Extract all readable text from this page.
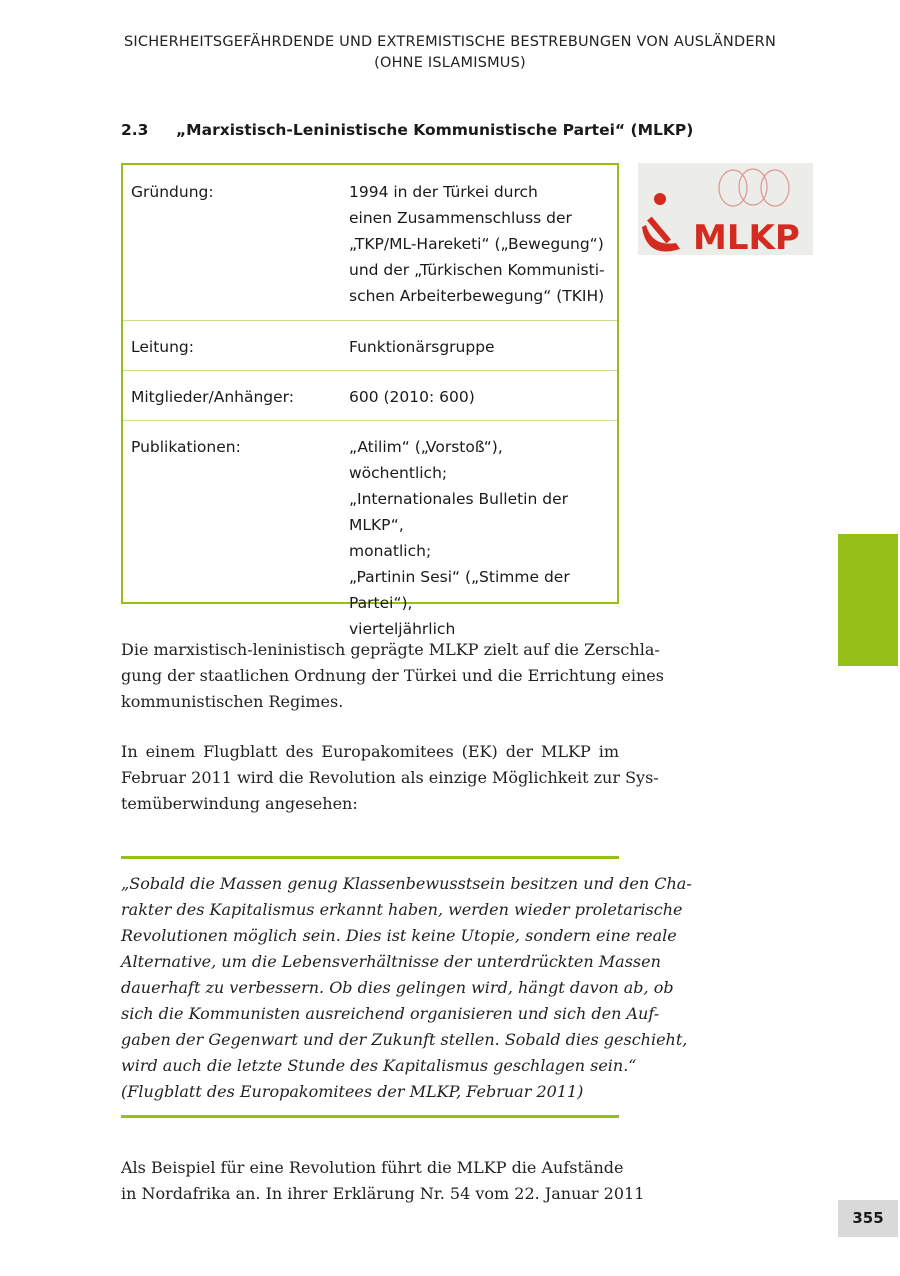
SICHERHEITSGEFÄHRDENDE UND EXTREMISTISCHE BESTREBUNGEN VON AUSLÄNDERN
(OHNE ISLAMISMUS)
2.3 „Marxistisch-Leninistische Kommunistische Partei“ (MLKP)
Gründung:	1994 in der Türkei durch
einen Zusammenschluss der
„TKP/ML-Hareketi“ („Bewegung“)
und der „Türkischen Kommunisti-
schen Arbeiterbewegung“ (TKIH)
Leitung:	Funktionärsgruppe
Mitglieder/Anhänger:	600 (2010: 600)
Publikationen:	„Atilim“ („Vorstoß“),
wöchentlich;
„Internationales Bulletin der MLKP“,
monatlich;
„Partinin Sesi“ („Stimme der Partei“),
vierteljährlich
MLKP
Die marxistisch-leninistisch geprägte MLKP zielt auf die Zerschla-
gung der staatlichen Ordnung der Türkei und die Errichtung eines
kommunistischen Regimes.
In einem Flugblatt des Europakomitees (EK) der MLKP im
Februar 2011 wird die Revolution als einzige Möglichkeit zur Sys-
temüberwindung angesehen:
„Sobald die Massen genug Klassenbewusstsein besitzen und den Cha-
rakter des Kapitalismus erkannt haben, werden wieder proletarische
Revolutionen möglich sein. Dies ist keine Utopie, sondern eine reale
Alternative, um die Lebensverhältnisse der unterdrückten Massen
dauerhaft zu verbessern. Ob dies gelingen wird, hängt davon ab, ob
sich die Kommunisten ausreichend organisieren und sich den Auf-
gaben der Gegenwart und der Zukunft stellen. Sobald dies geschieht,
wird auch die letzte Stunde des Kapitalismus geschlagen sein.“
(Flugblatt des Europakomitees der MLKP, Februar 2011)
Als Beispiel für eine Revolution führt die MLKP die Aufstände
in Nordafrika an. In ihrer Erklärung Nr. 54 vom 22. Januar 2011
355
